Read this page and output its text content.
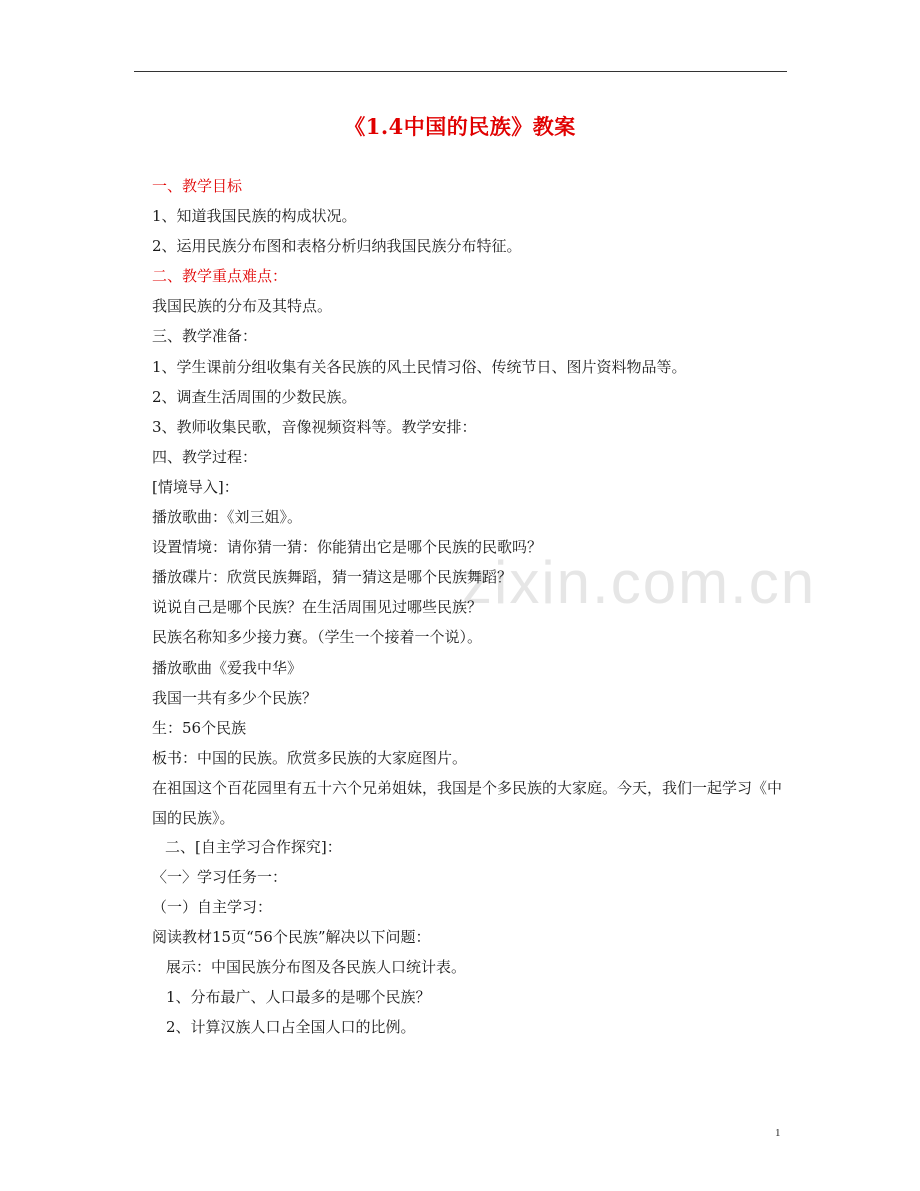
zixin.com.cn
《1.4中国的民族》教案

一、教学目标

1、知道我国民族的构成状况。

2、运用民族分布图和表格分析归纳我国民族分布特征。

二、教学重点难点：

我国民族的分布及其特点。

三、教学准备：

1、学生课前分组收集有关各民族的风土民情习俗、传统节日、图片资料物品等。

2、调查生活周围的少数民族。

3、教师收集民歌，音像视频资料等。教学安排：

四、教学过程：

[情境导入]：

播放歌曲：《刘三姐》。

设置情境：请你猜一猜：你能猜出它是哪个民族的民歌吗？

播放碟片：欣赏民族舞蹈，猜一猜这是哪个民族舞蹈？

说说自己是哪个民族？在生活周围见过哪些民族？

民族名称知多少接力赛。（学生一个接着一个说）。

播放歌曲《爱我中华》

我国一共有多少个民族？

生：56个民族

板书：中国的民族。欣赏多民族的大家庭图片。

在祖国这个百花园里有五十六个兄弟姐妹，我国是个多民族的大家庭。今天，我们一起学习《中国的民族》。

二、[自主学习合作探究]：

〈一〉学习任务一：

（一）自主学习：

阅读教材15页“56个民族”解决以下问题：

展示：中国民族分布图及各民族人口统计表。

1、分布最广、人口最多的是哪个民族？

2、计算汉族人口占全国人口的比例。

1
